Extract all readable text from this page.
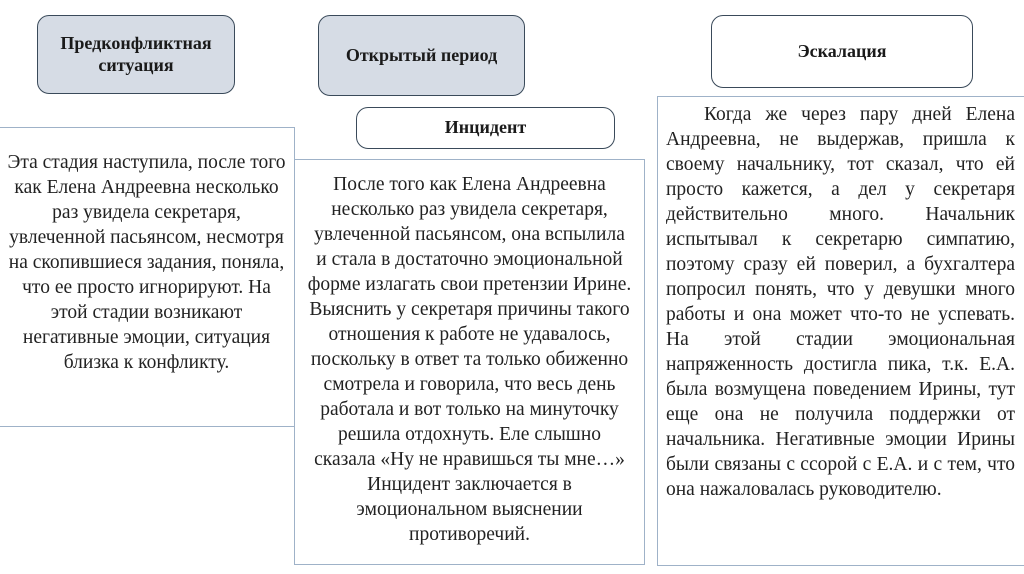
Предконфликтная ситуация	Открытый период	Эскалация
Инцидент
Эта стадия наступила, после того как Елена Андреевна несколько раз увидела секретаря, увлеченной пасьянсом, несмотря на скопившиеся задания, поняла, что ее просто игнорируют. На этой стадии возникают негативные эмоции, ситуация близка к конфликту.
После того как Елена Андреевна несколько раз увидела секретаря, увлеченной пасьянсом, она вспылила и стала в достаточно эмоциональной форме излагать свои претензии Ирине. Выяснить у секретаря причины такого отношения к работе не удавалось, поскольку в ответ та только обиженно смотрела и говорила, что весь день работала и вот только на минуточку решила отдохнуть. Еле слышно сказала «Ну не нравишься ты мне…» Инцидент заключается в эмоциональном выяснении противоречий.
Когда же через пару дней Елена Андреевна, не выдержав, пришла к своему начальнику, тот сказал, что ей просто кажется, а дел у секретаря действительно много. Начальник испытывал к секретарю симпатию, поэтому сразу ей поверил, а бухгалтера попросил понять, что у девушки много работы и она может что-то не успевать. На этой стадии эмоциональная напряженность достигла пика, т.к. Е.А. была возмущена поведением Ирины, тут еще она не получила поддержки от начальника. Негативные эмоции Ирины были связаны с ссорой с Е.А. и с тем, что она нажаловалась руководителю.
